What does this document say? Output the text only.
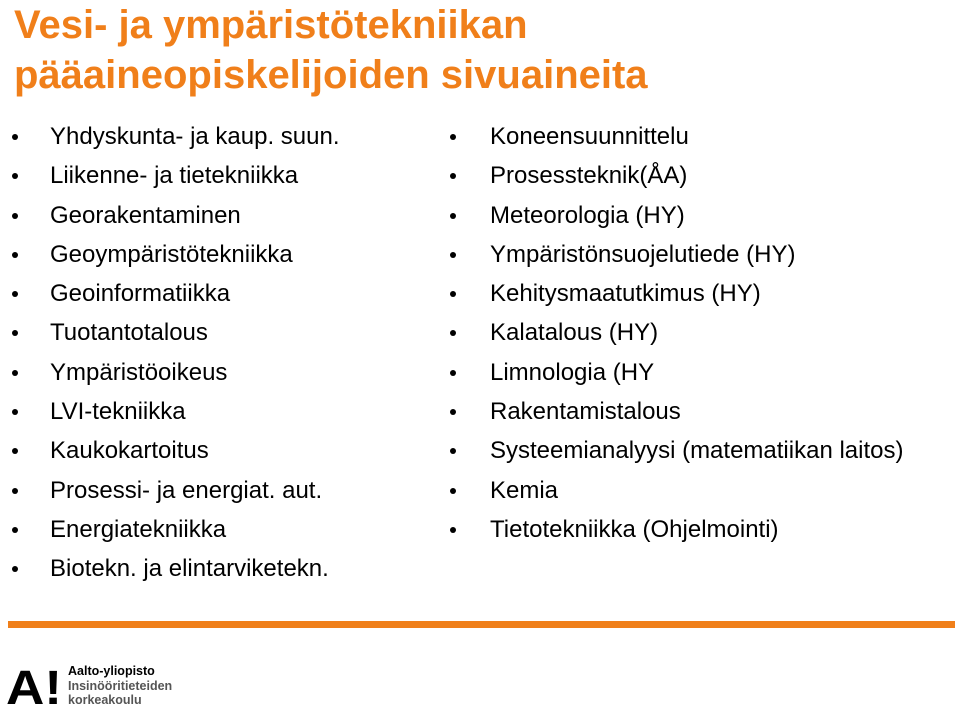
Vesi- ja ympäristötekniikan
pääaineopiskelijoiden sivuaineita
Yhdyskunta- ja kaup. suun.
Liikenne- ja tietekniikka
Georakentaminen
Geoympäristötekniikka
Geoinformatiikka
Tuotantotalous
Ympäristöoikeus
LVI-tekniikka
Kaukokartoitus
Prosessi- ja energiat. aut.
Energiatekniikka
Biotekn. ja elintarviketekn.
Koneensuunnittelu
Prosessteknik(ÅA)
Meteorologia (HY)
Ympäristönsuojelutiede (HY)
Kehitysmaatutkimus (HY)
Kalatalous (HY)
Limnologia (HY
Rakentamistalous
Systeemianalyysi (matematiikan laitos)
Kemia
Tietotekniikka (Ohjelmointi)
A! Aalto-yliopisto
Insinööritieteiden
korkeakoulu
